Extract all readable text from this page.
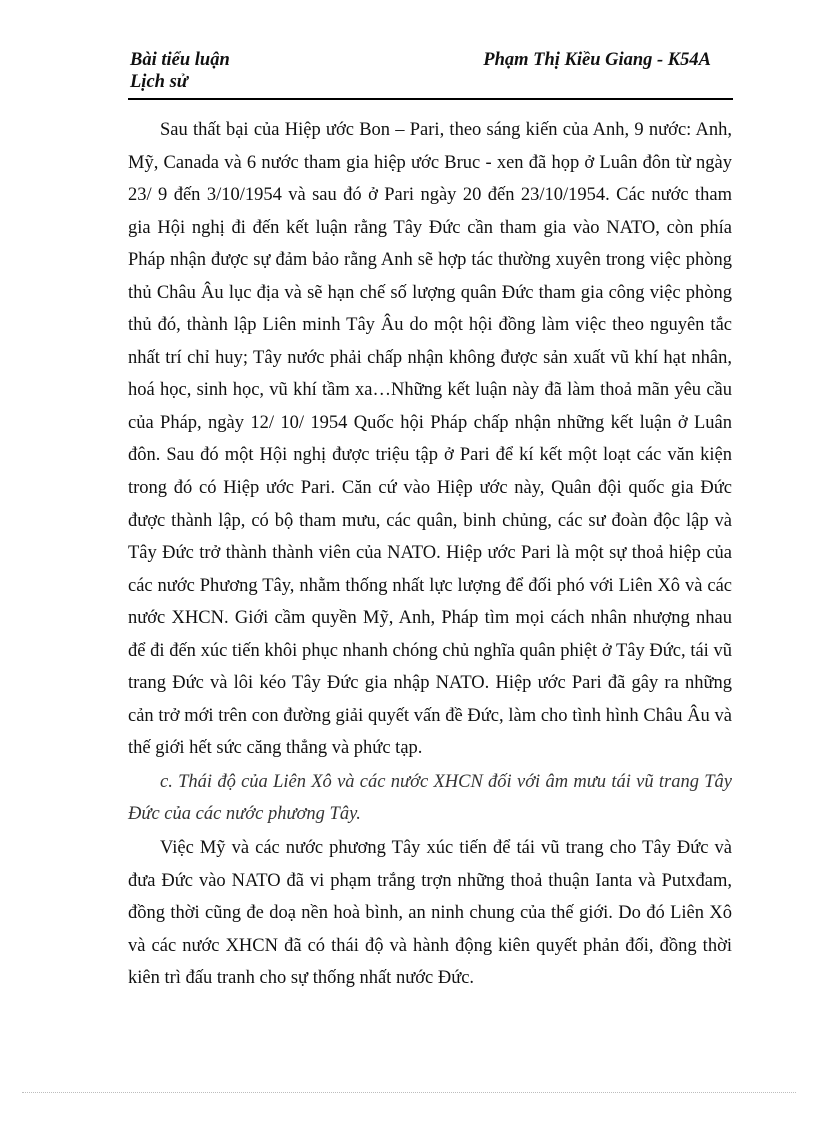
Bài tiểu luận
Lịch sử
Phạm Thị Kiều Giang - K54A

Sau thất bại của Hiệp ước Bon – Pari, theo sáng kiến của Anh, 9 nước: Anh, Mỹ, Canada và 6 nước tham gia hiệp ước Bruc - xen đã họp ở Luân đôn từ ngày 23/ 9 đến 3/10/1954 và sau đó ở Pari ngày 20 đến 23/10/1954. Các nước tham gia Hội nghị đi đến kết luận rằng Tây Đức cần tham gia vào NATO, còn phía Pháp nhận được sự đảm bảo rằng Anh sẽ hợp tác thường xuyên trong việc phòng thủ Châu Âu lục địa và sẽ hạn chế số lượng quân Đức tham gia công việc phòng thủ đó, thành lập Liên minh Tây Âu do một hội đồng làm việc theo nguyên tắc nhất trí chỉ huy; Tây nước phải chấp nhận không được sản xuất vũ khí hạt nhân, hoá học, sinh học, vũ khí tầm xa…Những kết luận này đã làm thoả mãn yêu cầu của Pháp, ngày 12/ 10/ 1954 Quốc hội Pháp chấp nhận những kết luận ở Luân đôn. Sau đó một Hội nghị được triệu tập ở Pari để kí kết một loạt các văn kiện trong đó có Hiệp ước Pari. Căn cứ vào Hiệp ước này, Quân đội quốc gia Đức được thành lập, có bộ tham mưu, các quân, binh chủng, các sư đoàn độc lập và Tây Đức trở thành thành viên của NATO. Hiệp ước Pari là một sự thoả hiệp của các nước Phương Tây, nhằm thống nhất lực lượng để đối phó với Liên Xô và các nước XHCN. Giới cầm quyền Mỹ, Anh, Pháp tìm mọi cách nhân nhượng nhau để đi đến xúc tiến khôi phục nhanh chóng chủ nghĩa quân phiệt ở Tây Đức, tái vũ trang Đức và lôi kéo Tây Đức gia nhập NATO. Hiệp ước Pari đã gây ra những cản trở mới trên con đường giải quyết vấn đề Đức, làm cho tình hình Châu Âu và thế giới hết sức căng thẳng và phức tạp.

c. Thái độ của Liên Xô và các nước XHCN đối với âm mưu tái vũ trang Tây Đức của các nước phương Tây.

Việc Mỹ và các nước phương Tây xúc tiến để tái vũ trang cho Tây Đức và đưa Đức vào NATO đã vi phạm trắng trợn những thoả thuận Ianta và Putxđam, đồng thời cũng đe doạ nền hoà bình, an ninh chung của thế giới. Do đó Liên Xô và các nước XHCN đã có thái độ và hành động kiên quyết phản đối, đồng thời kiên trì đấu tranh cho sự thống nhất nước Đức.
